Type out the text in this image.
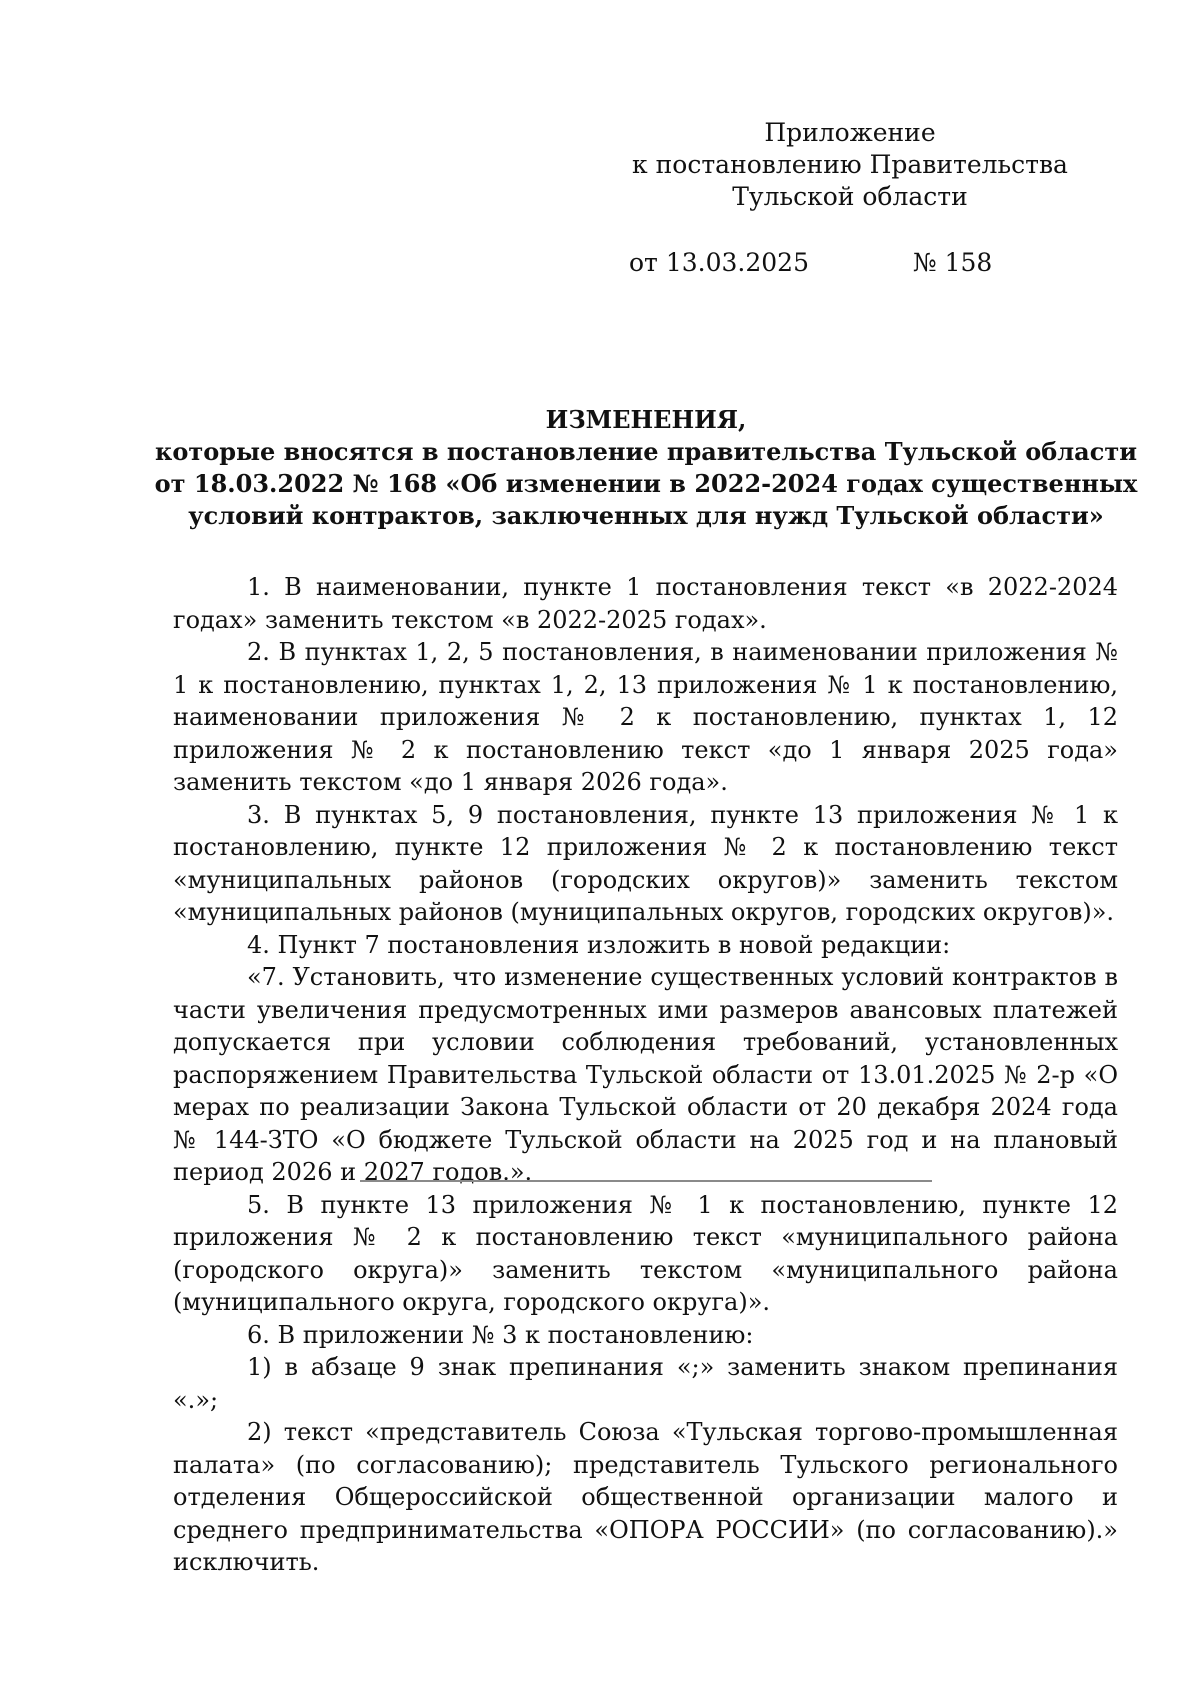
Приложение
к постановлению Правительства
Тульской области
от 13.03.2025	№ 158
ИЗМЕНЕНИЯ,
которые вносятся в постановление правительства Тульской области
от 18.03.2022 № 168 «Об изменении в 2022-2024 годах существенных
условий контрактов, заключенных для нужд Тульской области»

1. В наименовании, пункте 1 постановления текст «в 2022-2024 годах» заменить текстом «в 2022-2025 годах».

2. В пунктах 1, 2, 5 постановления, в наименовании приложения № 1 к постановлению, пунктах 1, 2, 13 приложения № 1 к постановлению, наименовании приложения № 2 к постановлению, пунктах 1, 12 приложения № 2 к постановлению текст «до 1 января 2025 года» заменить текстом «до 1 января 2026 года».

3. В пунктах 5, 9 постановления, пункте 13 приложения № 1 к постановлению, пункте 12 приложения № 2 к постановлению текст «муниципальных районов (городских округов)» заменить текстом «муниципальных районов (муниципальных округов, городских округов)».

4. Пункт 7 постановления изложить в новой редакции:

«7. Установить, что изменение существенных условий контрактов в части увеличения предусмотренных ими размеров авансовых платежей допускается при условии соблюдения требований, установленных распоряжением Правительства Тульской области от 13.01.2025 № 2-р «О мерах по реализации Закона Тульской области от 20 декабря 2024 года № 144-ЗТО «О бюджете Тульской области на 2025 год и на плановый период 2026 и 2027 годов.».

5. В пункте 13 приложения № 1 к постановлению, пункте 12 приложения № 2 к постановлению текст «муниципального района (городского округа)» заменить текстом «муниципального района (муниципального округа, городского округа)».

6. В приложении № 3 к постановлению:

1) в абзаце 9 знак препинания «;» заменить знаком препинания «.»;

2) текст «представитель Союза «Тульская торгово-промышленная палата» (по согласованию); представитель Тульского регионального отделения Общероссийской общественной организации малого и среднего предпринимательства «ОПОРА РОССИИ» (по согласованию).» исключить.
